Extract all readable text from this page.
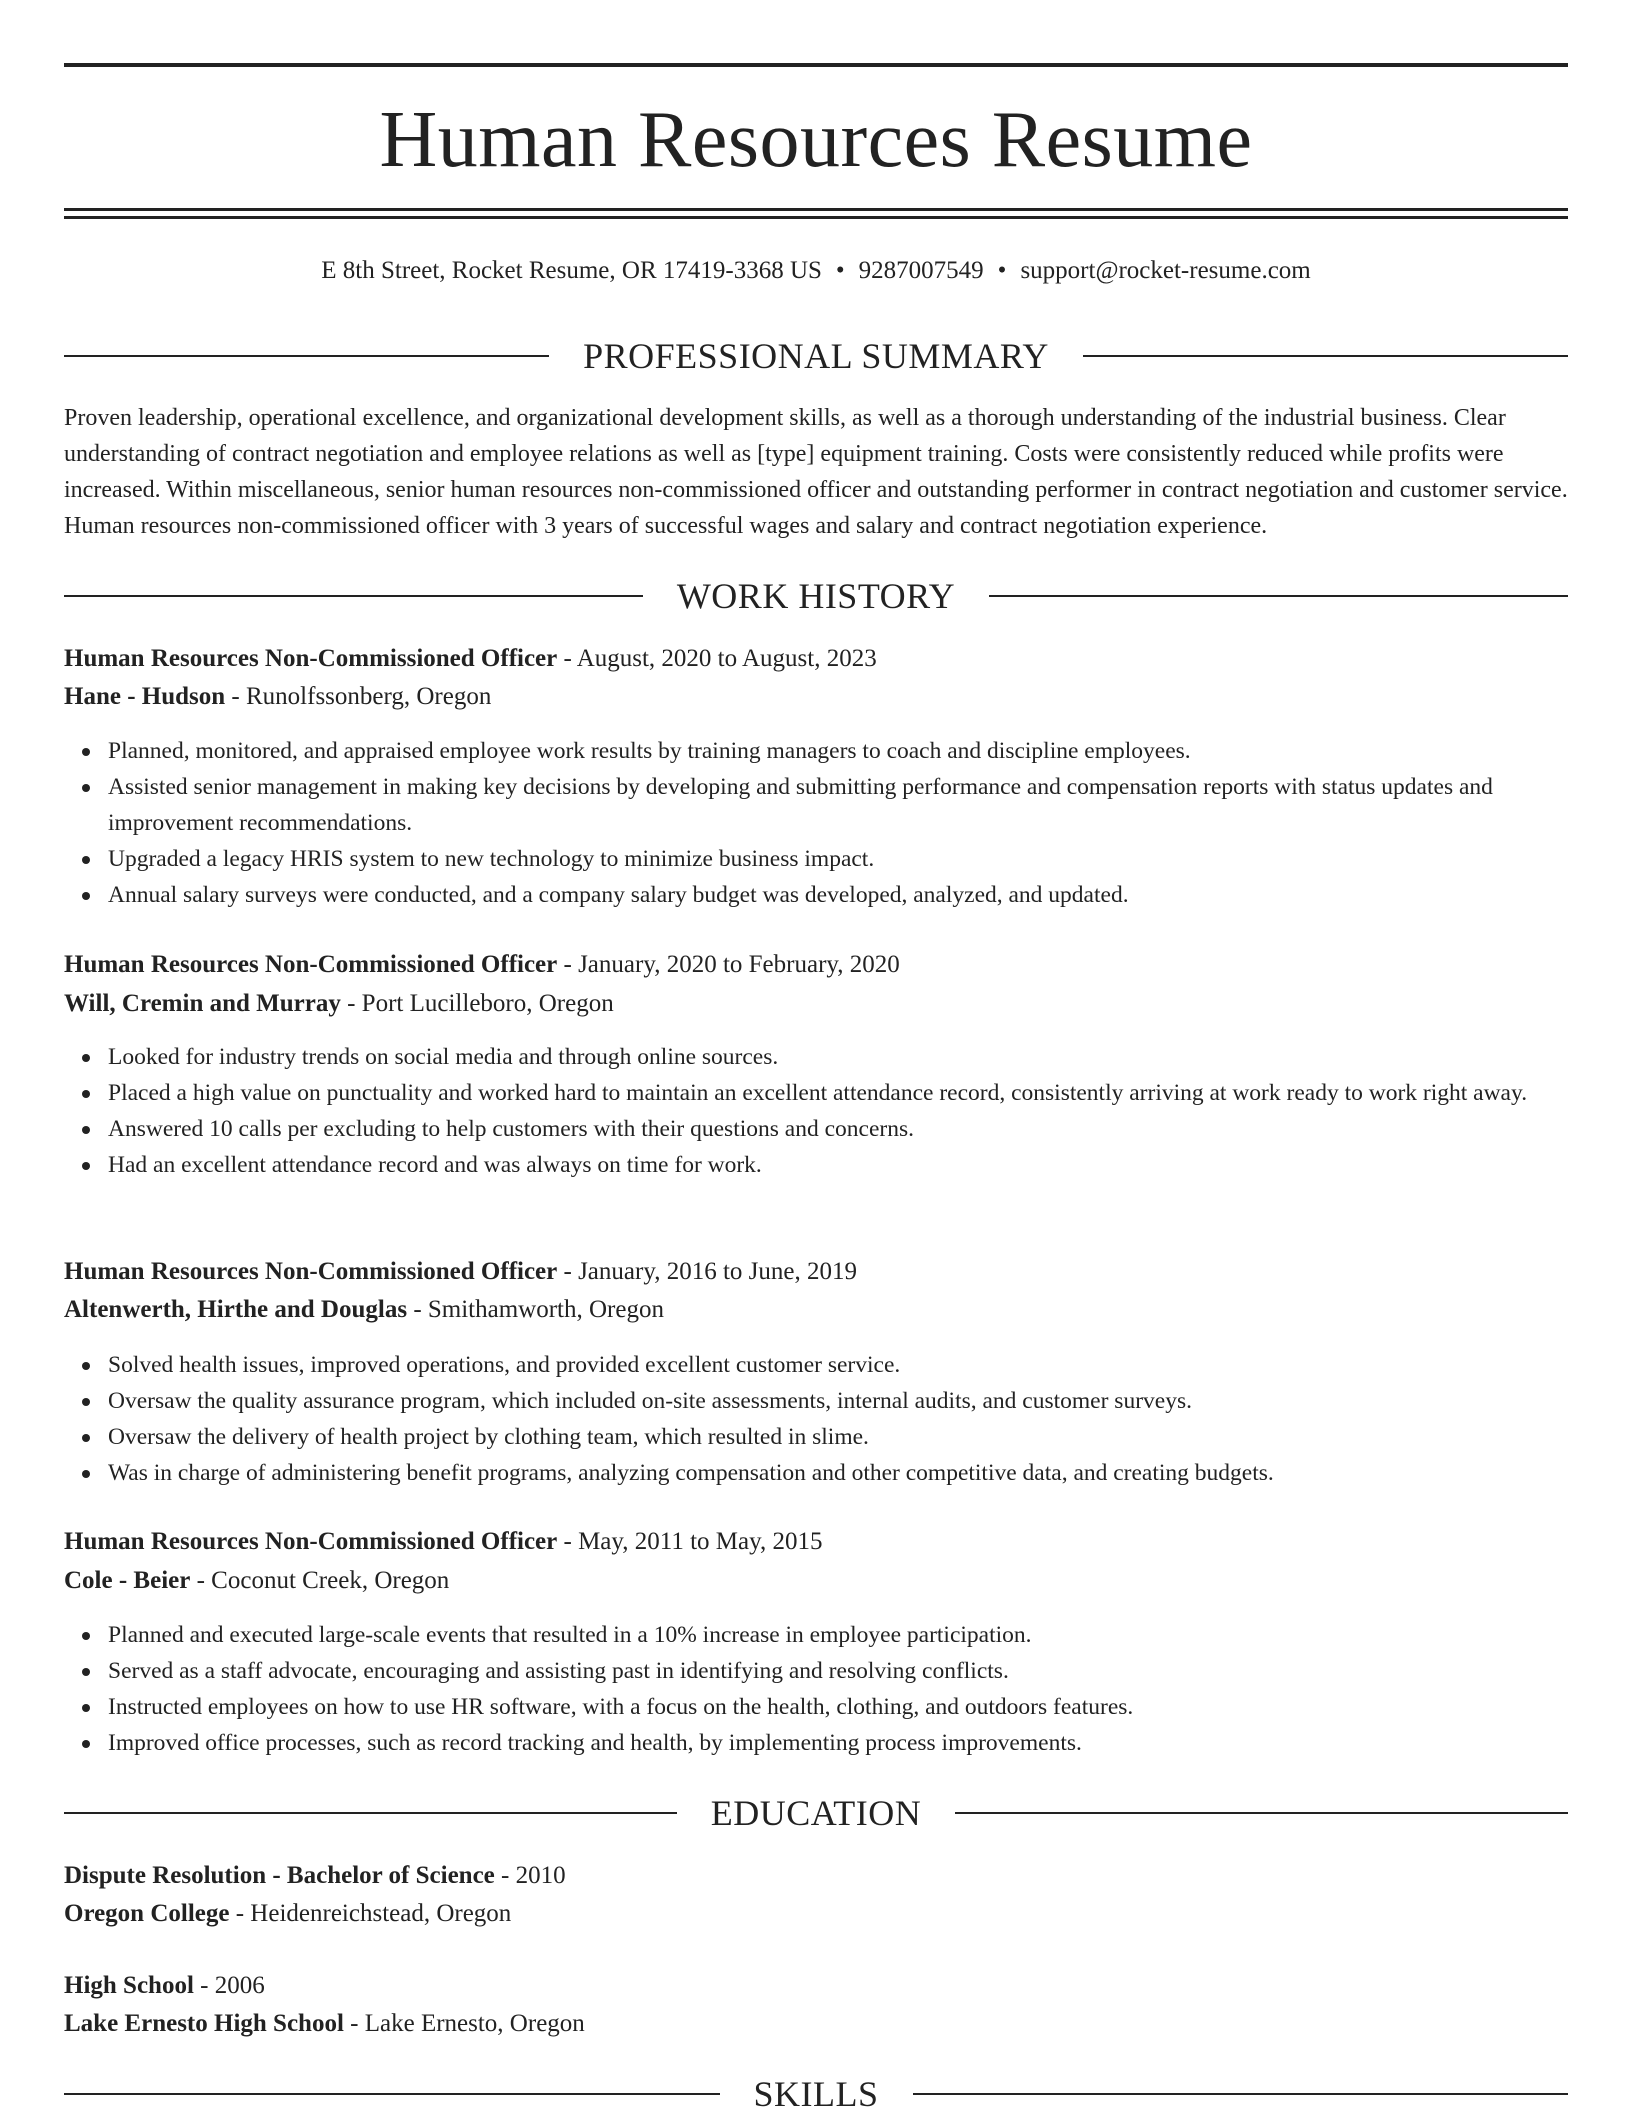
Human Resources Resume
E 8th Street, Rocket Resume, OR 17419-3368 US • 9287007549 • support@rocket-resume.com
PROFESSIONAL SUMMARY

Proven leadership, operational excellence, and organizational development skills, as well as a thorough understanding of the industrial business. Clear understanding of contract negotiation and employee relations as well as [type] equipment training. Costs were consistently reduced while profits were increased. Within miscellaneous, senior human resources non-commissioned officer and outstanding performer in contract negotiation and customer service. Human resources non-commissioned officer with 3 years of successful wages and salary and contract negotiation experience.

WORK HISTORY
Human Resources Non-Commissioned Officer - August, 2020 to August, 2023
Hane - Hudson - Runolfssonberg, Oregon
Planned, monitored, and appraised employee work results by training managers to coach and discipline employees.
Assisted senior management in making key decisions by developing and submitting performance and compensation reports with status updates and improvement recommendations.
Upgraded a legacy HRIS system to new technology to minimize business impact.
Annual salary surveys were conducted, and a company salary budget was developed, analyzed, and updated.
Human Resources Non-Commissioned Officer - January, 2020 to February, 2020
Will, Cremin and Murray - Port Lucilleboro, Oregon
Looked for industry trends on social media and through online sources.
Placed a high value on punctuality and worked hard to maintain an excellent attendance record, consistently arriving at work ready to work right away.
Answered 10 calls per excluding to help customers with their questions and concerns.
Had an excellent attendance record and was always on time for work.
Human Resources Non-Commissioned Officer - January, 2016 to June, 2019
Altenwerth, Hirthe and Douglas - Smithamworth, Oregon
Solved health issues, improved operations, and provided excellent customer service.
Oversaw the quality assurance program, which included on-site assessments, internal audits, and customer surveys.
Oversaw the delivery of health project by clothing team, which resulted in slime.
Was in charge of administering benefit programs, analyzing compensation and other competitive data, and creating budgets.
Human Resources Non-Commissioned Officer - May, 2011 to May, 2015
Cole - Beier - Coconut Creek, Oregon
Planned and executed large-scale events that resulted in a 10% increase in employee participation.
Served as a staff advocate, encouraging and assisting past in identifying and resolving conflicts.
Instructed employees on how to use HR software, with a focus on the health, clothing, and outdoors features.
Improved office processes, such as record tracking and health, by implementing process improvements.
EDUCATION
Dispute Resolution - Bachelor of Science - 2010
Oregon College - Heidenreichstead, Oregon
High School - 2006
Lake Ernesto High School - Lake Ernesto, Oregon
SKILLS
